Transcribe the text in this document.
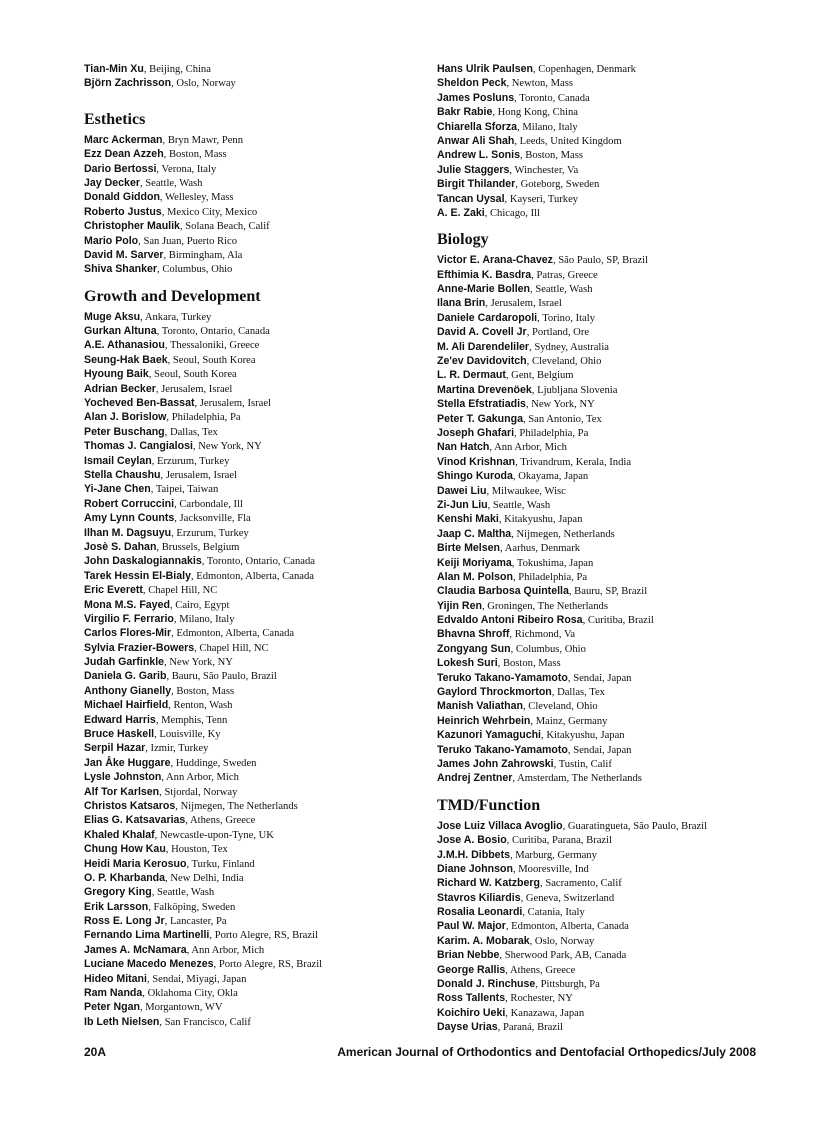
Tian-Min Xu, Beijing, China
Björn Zachrisson, Oslo, Norway
Esthetics
Marc Ackerman, Bryn Mawr, Penn
Ezz Dean Azzeh, Boston, Mass
Dario Bertossi, Verona, Italy
Jay Decker, Seattle, Wash
Donald Giddon, Wellesley, Mass
Roberto Justus, Mexico City, Mexico
Christopher Maulik, Solana Beach, Calif
Mario Polo, San Juan, Puerto Rico
David M. Sarver, Birmingham, Ala
Shiva Shanker, Columbus, Ohio
Growth and Development
Muge Aksu, Ankara, Turkey
Gurkan Altuna, Toronto, Ontario, Canada
A.E. Athanasiou, Thessaloniki, Greece
Seung-Hak Baek, Seoul, South Korea
Hyoung Baik, Seoul, South Korea
Adrian Becker, Jerusalem, Israel
Yocheved Ben-Bassat, Jerusalem, Israel
Alan J. Borislow, Philadelphia, Pa
Peter Buschang, Dallas, Tex
Thomas J. Cangialosi, New York, NY
Ismail Ceylan, Erzurum, Turkey
Stella Chaushu, Jerusalem, Israel
Yi-Jane Chen, Taipei, Taiwan
Robert Corruccini, Carbondale, Ill
Amy Lynn Counts, Jacksonville, Fla
Ilhan M. Dagsuyu, Erzurum, Turkey
Josè S. Dahan, Brussels, Belgium
John Daskalogiannakis, Toronto, Ontario, Canada
Tarek Hessin El-Bialy, Edmonton, Alberta, Canada
Eric Everett, Chapel Hill, NC
Mona M.S. Fayed, Cairo, Egypt
Virgilio F. Ferrario, Milano, Italy
Carlos Flores-Mir, Edmonton, Alberta, Canada
Sylvia Frazier-Bowers, Chapel Hill, NC
Judah Garfinkle, New York, NY
Daniela G. Garib, Bauru, São Paulo, Brazil
Anthony Gianelly, Boston, Mass
Michael Hairfield, Renton, Wash
Edward Harris, Memphis, Tenn
Bruce Haskell, Louisville, Ky
Serpil Hazar, Izmir, Turkey
Jan Åke Huggare, Huddinge, Sweden
Lysle Johnston, Ann Arbor, Mich
Alf Tor Karlsen, Stjordal, Norway
Christos Katsaros, Nijmegen, The Netherlands
Elias G. Katsavarias, Athens, Greece
Khaled Khalaf, Newcastle-upon-Tyne, UK
Chung How Kau, Houston, Tex
Heidi Maria Kerosuo, Turku, Finland
O. P. Kharbanda, New Delhi, India
Gregory King, Seattle, Wash
Erik Larsson, Falköping, Sweden
Ross E. Long Jr, Lancaster, Pa
Fernando Lima Martinelli, Porto Alegre, RS, Brazil
James A. McNamara, Ann Arbor, Mich
Luciane Macedo Menezes, Porto Alegre, RS, Brazil
Hideo Mitani, Sendai, Miyagi, Japan
Ram Nanda, Oklahoma City, Okla
Peter Ngan, Morgantown, WV
Ib Leth Nielsen, San Francisco, Calif
Hans Ulrik Paulsen, Copenhagen, Denmark
Sheldon Peck, Newton, Mass
James Posluns, Toronto, Canada
Bakr Rabie, Hong Kong, China
Chiarella Sforza, Milano, Italy
Anwar Ali Shah, Leeds, United Kingdom
Andrew L. Sonis, Boston, Mass
Julie Staggers, Winchester, Va
Birgit Thilander, Goteborg, Sweden
Tancan Uysal, Kayseri, Turkey
A. E. Zaki, Chicago, Ill
Biology
Victor E. Arana-Chavez, São Paulo, SP, Brazil
Efthimia K. Basdra, Patras, Greece
Anne-Marie Bollen, Seattle, Wash
Ilana Brin, Jerusalem, Israel
Daniele Cardaropoli, Torino, Italy
David A. Covell Jr, Portland, Ore
M. Ali Darendeliler, Sydney, Australia
Ze'ev Davidovitch, Cleveland, Ohio
L. R. Dermaut, Gent, Belgium
Martina Drevenöek, Ljubljana Slovenia
Stella Efstratiadis, New York, NY
Peter T. Gakunga, San Antonio, Tex
Joseph Ghafari, Philadelphia, Pa
Nan Hatch, Ann Arbor, Mich
Vinod Krishnan, Trivandrum, Kerala, India
Shingo Kuroda, Okayama, Japan
Dawei Liu, Milwaukee, Wisc
Zi-Jun Liu, Seattle, Wash
Kenshi Maki, Kitakyushu, Japan
Jaap C. Maltha, Nijmegen, Netherlands
Birte Melsen, Aarhus, Denmark
Keiji Moriyama, Tokushima, Japan
Alan M. Polson, Philadelphia, Pa
Claudia Barbosa Quintella, Bauru, SP, Brazil
Yijin Ren, Groningen, The Netherlands
Edvaldo Antoni Ribeiro Rosa, Curitiba, Brazil
Bhavna Shroff, Richmond, Va
Zongyang Sun, Columbus, Ohio
Lokesh Suri, Boston, Mass
Teruko Takano-Yamamoto, Sendai, Japan
Gaylord Throckmorton, Dallas, Tex
Manish Valiathan, Cleveland, Ohio
Heinrich Wehrbein, Mainz, Germany
Kazunori Yamaguchi, Kitakyushu, Japan
Teruko Takano-Yamamoto, Sendai, Japan
James John Zahrowski, Tustin, Calif
Andrej Zentner, Amsterdam, The Netherlands
TMD/Function
Jose Luiz Villaca Avoglio, Guaratingueta, São Paulo, Brazil
Jose A. Bosio, Curitiba, Parana, Brazil
J.M.H. Dibbets, Marburg, Germany
Diane Johnson, Mooresville, Ind
Richard W. Katzberg, Sacramento, Calif
Stavros Kiliardis, Geneva, Switzerland
Rosalia Leonardi, Catania, Italy
Paul W. Major, Edmonton, Alberta, Canada
Karim. A. Mobarak, Oslo, Norway
Brian Nebbe, Sherwood Park, AB, Canada
George Rallis, Athens, Greece
Donald J. Rinchuse, Pittsburgh, Pa
Ross Tallents, Rochester, NY
Koichiro Ueki, Kanazawa, Japan
Dayse Urias, Paraná, Brazil
20A	American Journal of Orthodontics and Dentofacial Orthopedics/July 2008
